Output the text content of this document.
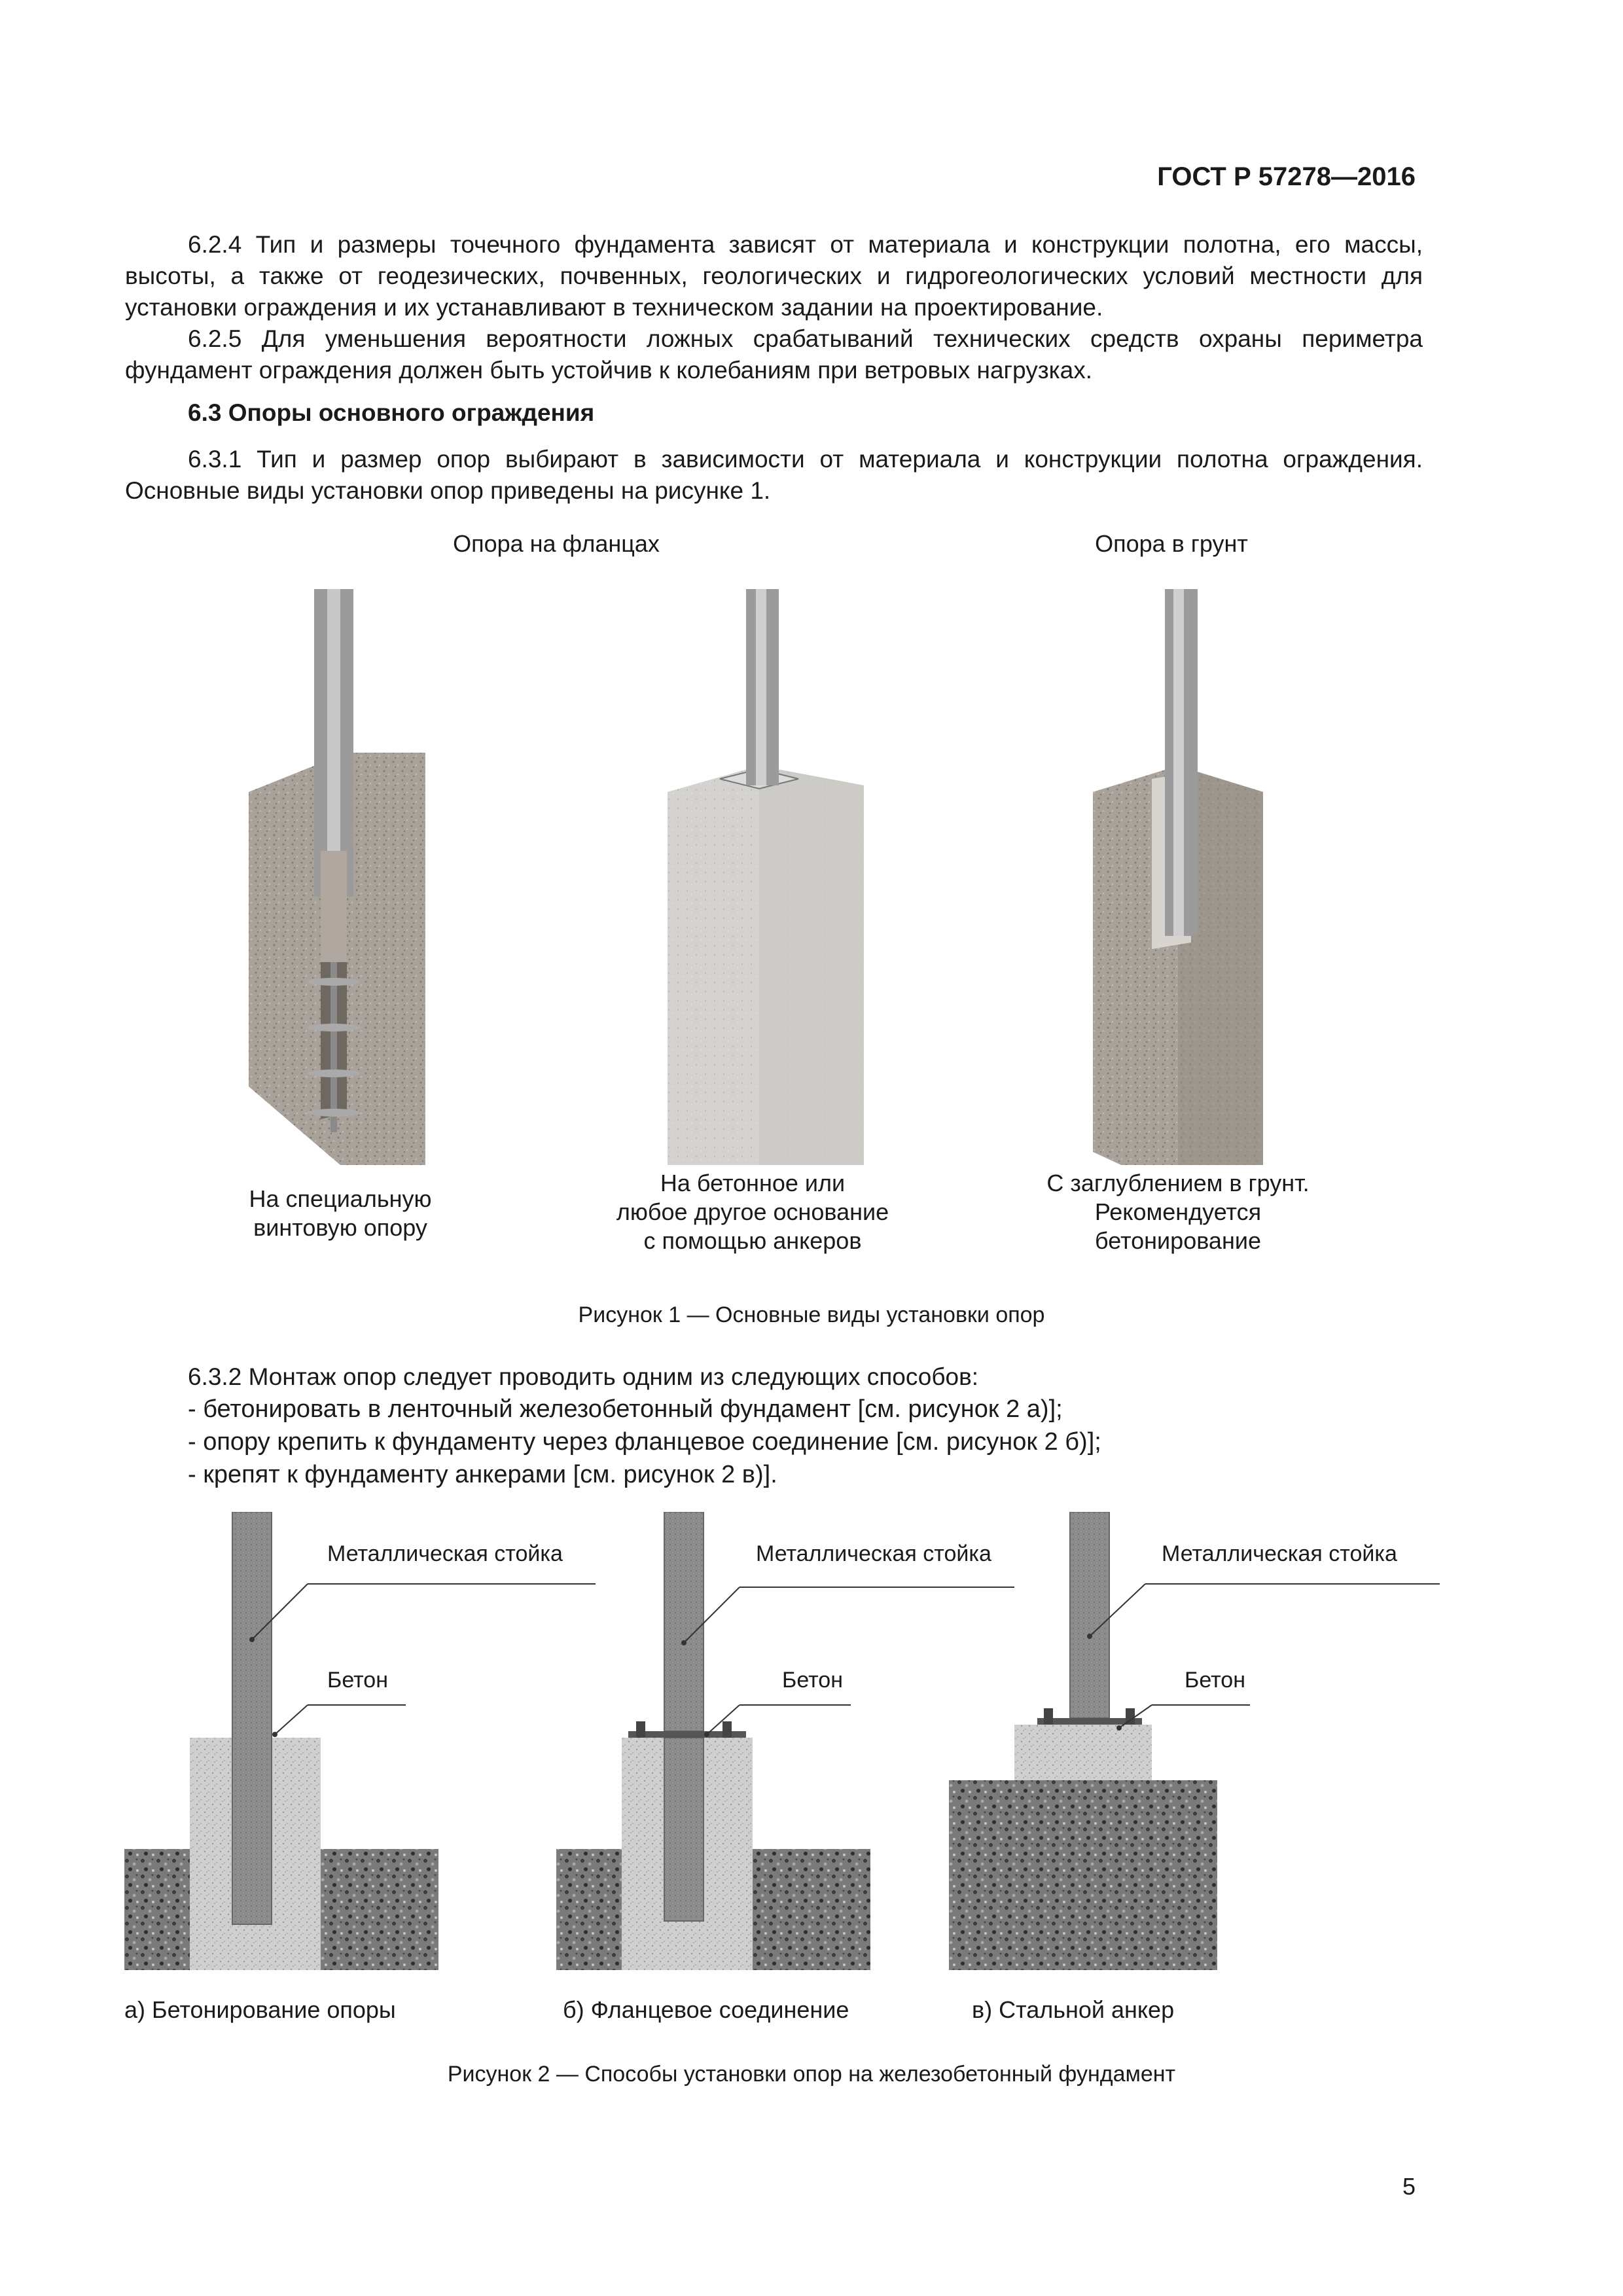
ГОСТ Р 57278—2016
6.2.4 Тип и размеры точечного фундамента зависят от материала и конструкции полотна, его массы, высоты, а также от геодезических, почвенных, геологических и гидрогеологических условий местности для установки ограждения и их устанавливают в техническом задании на проектирование.
6.2.5 Для уменьшения вероятности ложных срабатываний технических средств охраны периметра фундамент ограждения должен быть устойчив к колебаниям при ветровых нагрузках.
6.3 Опоры основного ограждения
6.3.1 Тип и размер опор выбирают в зависимости от материала и конструкции полотна ограждения. Основные виды установки опор приведены на рисунке 1.
Опора на фланцах	Опора в грунт
На специальную
винтовую опору
На бетонное или
любое другое основание
с помощью анкеров
С заглублением в грунт.
Рекомендуется
бетонирование
Рисунок 1 — Основные виды установки опор
6.3.2 Монтаж опор следует проводить одним из следующих способов:
- бетонировать в ленточный железобетонный фундамент [см. рисунок 2 а)];
- опору крепить к фундаменту через фланцевое соединение [см. рисунок 2 б)];
- крепят к фундаменту анкерами [см. рисунок 2 в)].
Металлическая стойка
Бетон
Металлическая стойка
Бетон
Металлическая стойка
Бетон
а) Бетонирование опоры	б) Фланцевое соединение	в) Стальной анкер
Рисунок 2 — Способы установки опор на железобетонный фундамент
5
